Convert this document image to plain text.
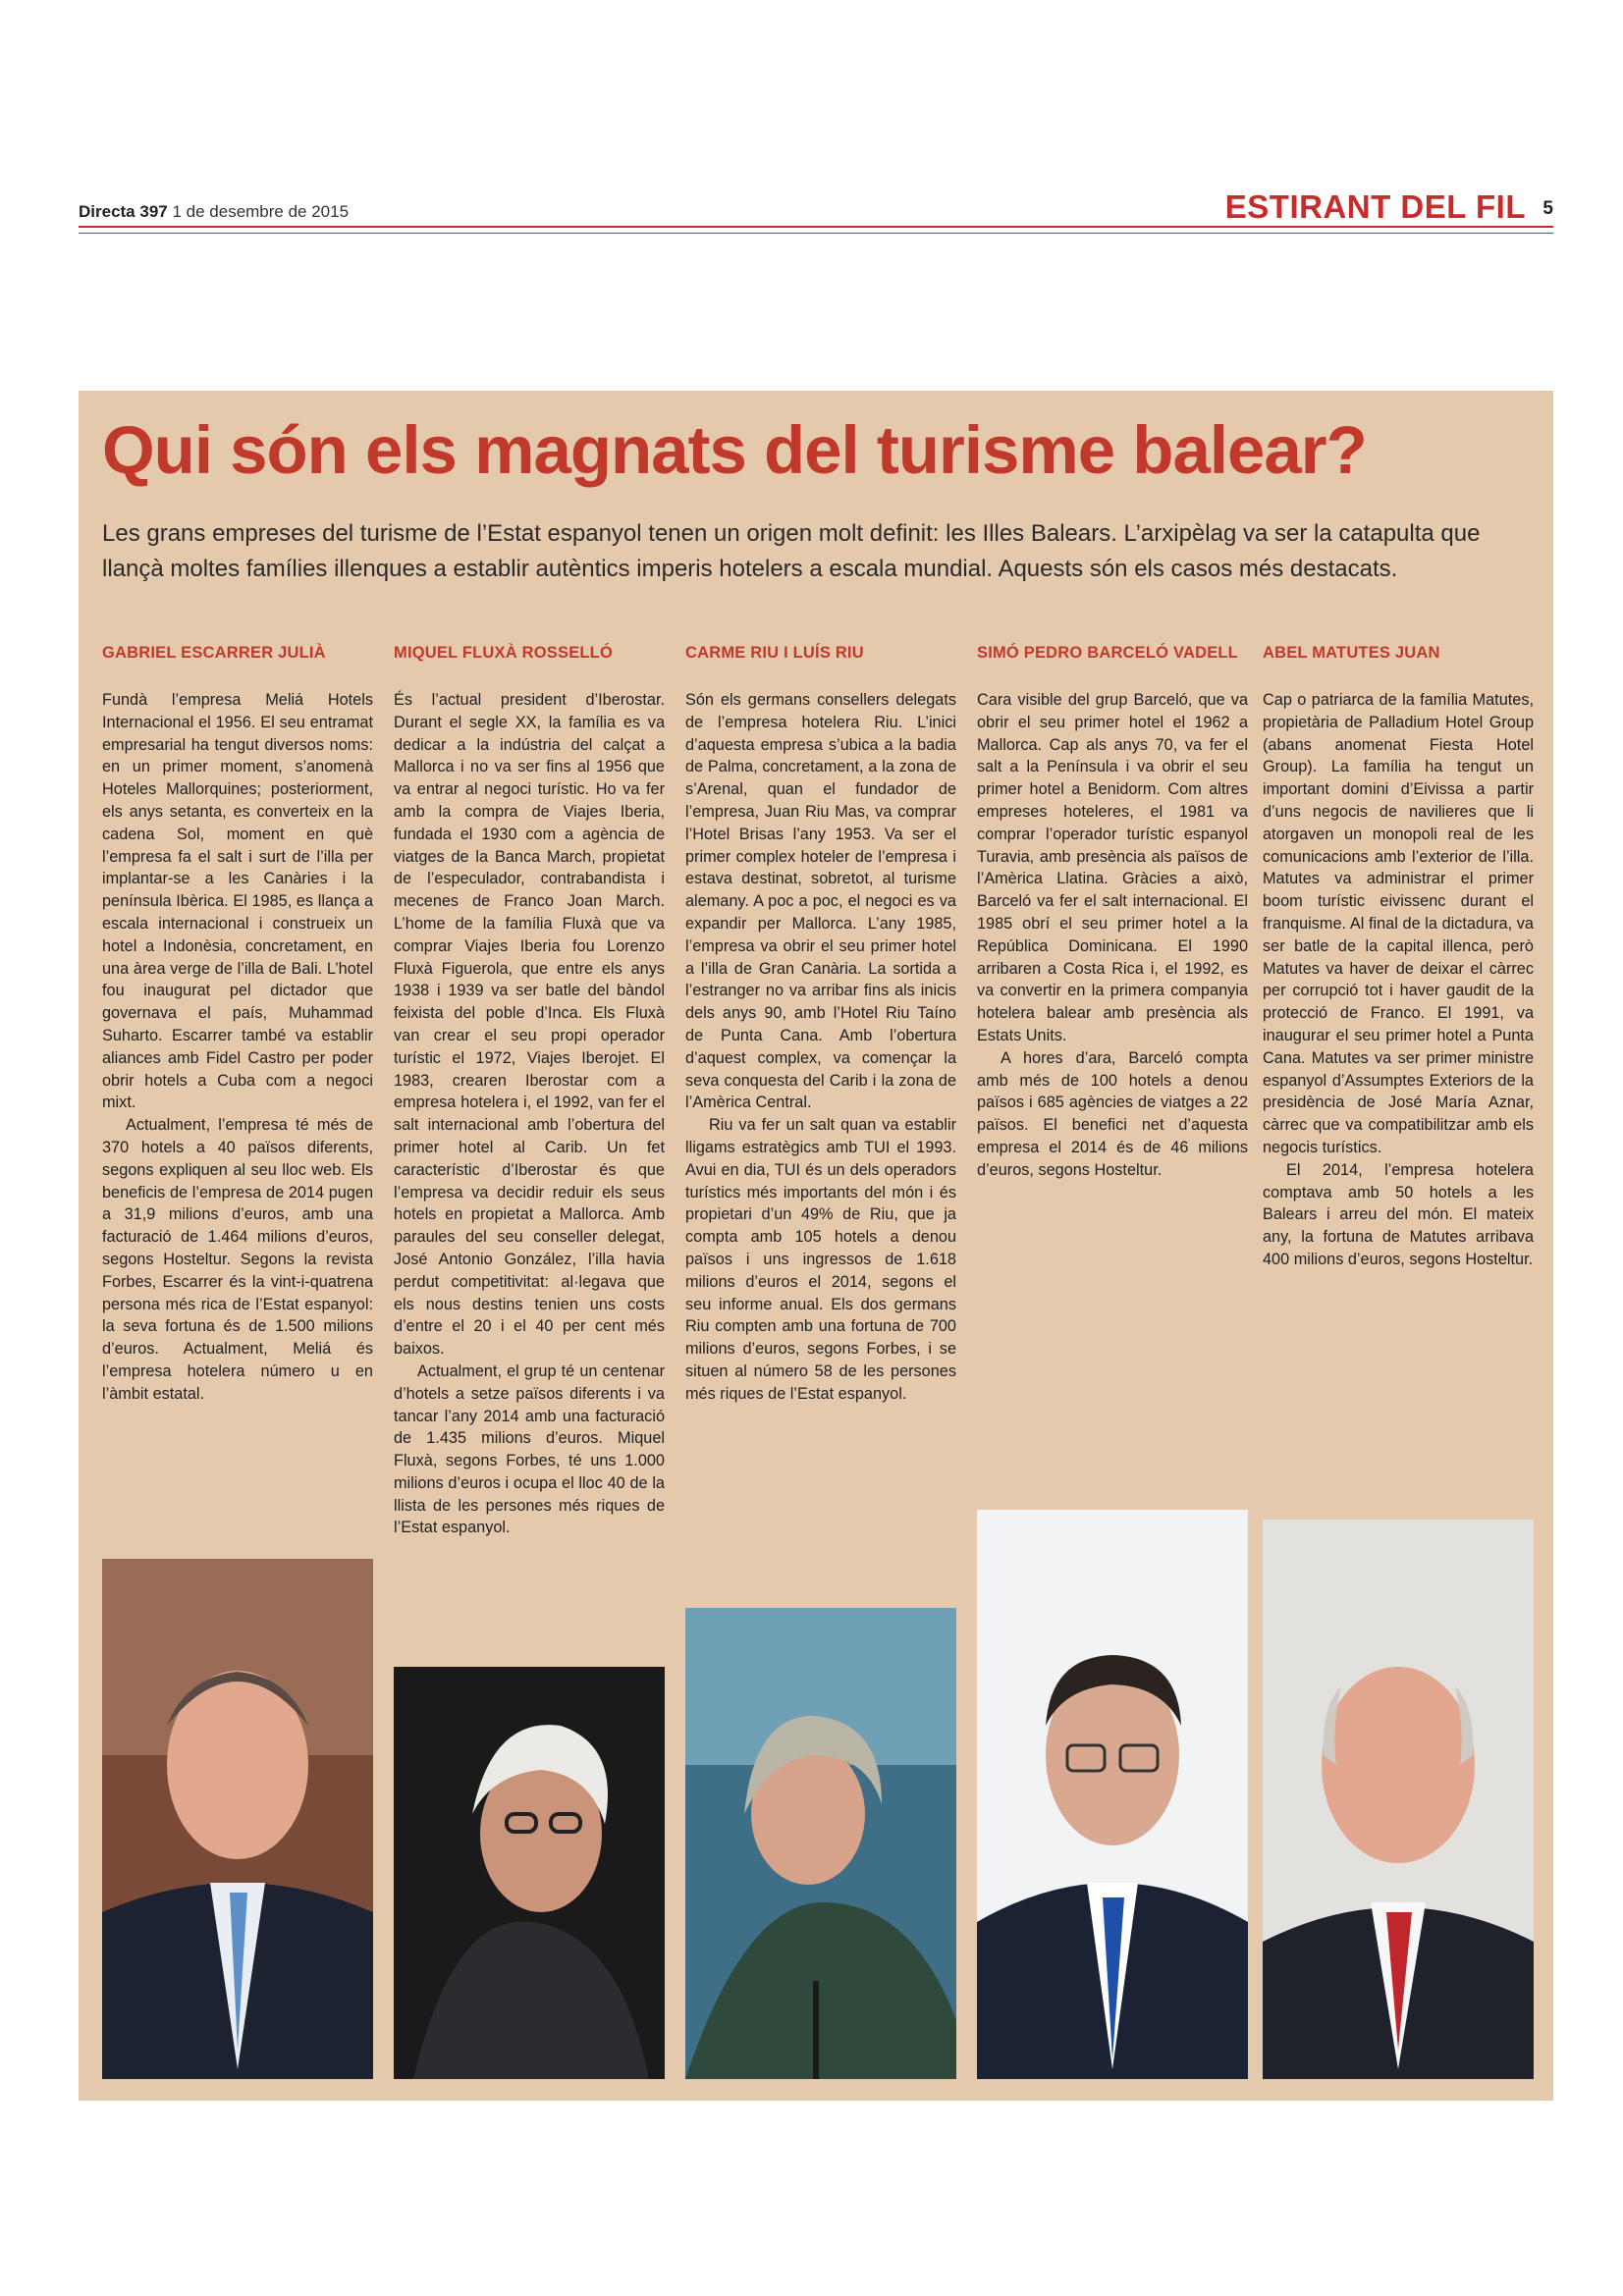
Directa 397 1 de desembre de 2015	ESTIRANT DEL FIL 5
Qui són els magnats del turisme balear?
Les grans empreses del turisme de l’Estat espanyol tenen un origen molt definit: les Illes Balears. L’arxipèlag va ser la catapulta que llançà moltes famílies illenques a establir autèntics imperis hotelers a escala mundial. Aquests són els casos més destacats.
GABRIEL ESCARRER JULIÀ

Fundà l’empresa Meliá Hotels Internacional el 1956. El seu entramat empresarial ha tengut diversos noms: en un primer moment, s’anomenà Hoteles Mallorquines; posteriorment, els anys setanta, es converteix en la cadena Sol, moment en què l’empresa fa el salt i surt de l’illa per implantar-se a les Canàries i la península Ibèrica. El 1985, es llança a escala internacional i construeix un hotel a Indonèsia, concretament, en una àrea verge de l’illa de Bali. L’hotel fou inaugurat pel dictador que governava el país, Muhammad Suharto. Escarrer també va establir aliances amb Fidel Castro per poder obrir hotels a Cuba com a negoci mixt.

Actualment, l’empresa té més de 370 hotels a 40 països diferents, segons expliquen al seu lloc web. Els beneficis de l’empresa de 2014 pugen a 31,9 milions d’euros, amb una facturació de 1.464 milions d’euros, segons Hosteltur. Segons la revista Forbes, Escarrer és la vint-i-quatrena persona més rica de l’Estat espanyol: la seva fortuna és de 1.500 milions d’euros. Actualment, Meliá és l’empresa hotelera número u en l’àmbit estatal.

MIQUEL FLUXÀ ROSSELLÓ

És l’actual president d’Iberostar. Durant el segle XX, la família es va dedicar a la indústria del calçat a Mallorca i no va ser fins al 1956 que va entrar al negoci turístic. Ho va fer amb la compra de Viajes Iberia, fundada el 1930 com a agència de viatges de la Banca March, propietat de l’especulador, contrabandista i mecenes de Franco Joan March. L’home de la família Fluxà que va comprar Viajes Iberia fou Lorenzo Fluxà Figuerola, que entre els anys 1938 i 1939 va ser batle del bàndol feixista del poble d’Inca. Els Fluxà van crear el seu propi operador turístic el 1972, Viajes Iberojet. El 1983, crearen Iberostar com a empresa hotelera i, el 1992, van fer el salt internacional amb l’obertura del primer hotel al Carib. Un fet característic d’Iberostar és que l’empresa va decidir reduir els seus hotels en propietat a Mallorca. Amb paraules del seu conseller delegat, José Antonio González, l’illa havia perdut competitivitat: al·legava que els nous destins tenien uns costs d’entre el 20 i el 40 per cent més baixos.

Actualment, el grup té un centenar d’hotels a setze països diferents i va tancar l’any 2014 amb una facturació de 1.435 milions d’euros. Miquel Fluxà, segons Forbes, té uns 1.000 milions d’euros i ocupa el lloc 40 de la llista de les persones més riques de l’Estat espanyol.

CARME RIU I LUÍS RIU

Són els germans consellers delegats de l’empresa hotelera Riu. L’inici d’aquesta empresa s’ubica a la badia de Palma, concretament, a la zona de s’Arenal, quan el fundador de l’empresa, Juan Riu Mas, va comprar l’Hotel Brisas l’any 1953. Va ser el primer complex hoteler de l’empresa i estava destinat, sobretot, al turisme alemany. A poc a poc, el negoci es va expandir per Mallorca. L’any 1985, l’empresa va obrir el seu primer hotel a l’illa de Gran Canària. La sortida a l’estranger no va arribar fins als inicis dels anys 90, amb l’Hotel Riu Taíno de Punta Cana. Amb l’obertura d’aquest complex, va començar la seva conquesta del Carib i la zona de l’Amèrica Central.

Riu va fer un salt quan va establir lligams estratègics amb TUI el 1993. Avui en dia, TUI és un dels operadors turístics més importants del món i és propietari d’un 49% de Riu, que ja compta amb 105 hotels a denou països i uns ingressos de 1.618 milions d’euros el 2014, segons el seu informe anual. Els dos germans Riu compten amb una fortuna de 700 milions d’euros, segons Forbes, i se situen al número 58 de les persones més riques de l’Estat espanyol.

SIMÓ PEDRO BARCELÓ VADELL

Cara visible del grup Barceló, que va obrir el seu primer hotel el 1962 a Mallorca. Cap als anys 70, va fer el salt a la Península i va obrir el seu primer hotel a Benidorm. Com altres empreses hoteleres, el 1981 va comprar l’operador turístic espanyol Turavia, amb presència als països de l’Amèrica Llatina. Gràcies a això, Barceló va fer el salt internacional. El 1985 obrí el seu primer hotel a la República Dominicana. El 1990 arribaren a Costa Rica i, el 1992, es va convertir en la primera companyia hotelera balear amb presència als Estats Units.

A hores d’ara, Barceló compta amb més de 100 hotels a denou països i 685 agències de viatges a 22 països. El benefici net d’aquesta empresa el 2014 és de 46 milions d’euros, segons Hosteltur.

ABEL MATUTES JUAN

Cap o patriarca de la família Matutes, propietària de Palladium Hotel Group (abans anomenat Fiesta Hotel Group). La família ha tengut un important domini d’Eivissa a partir d’uns negocis de navilieres que li atorgaven un monopoli real de les comunicacions amb l’exterior de l’illa. Matutes va administrar el primer boom turístic eivissenc durant el franquisme. Al final de la dictadura, va ser batle de la capital illenca, però Matutes va haver de deixar el càrrec per corrupció tot i haver gaudit de la protecció de Franco. El 1991, va inaugurar el seu primer hotel a Punta Cana. Matutes va ser primer ministre espanyol d’Assumptes Exteriors de la presidència de José María Aznar, càrrec que va compatibilitzar amb els negocis turístics.

El 2014, l’empresa hotelera comptava amb 50 hotels a les Balears i arreu del món. El mateix any, la fortuna de Matutes arribava 400 milions d’euros, segons Hosteltur.
